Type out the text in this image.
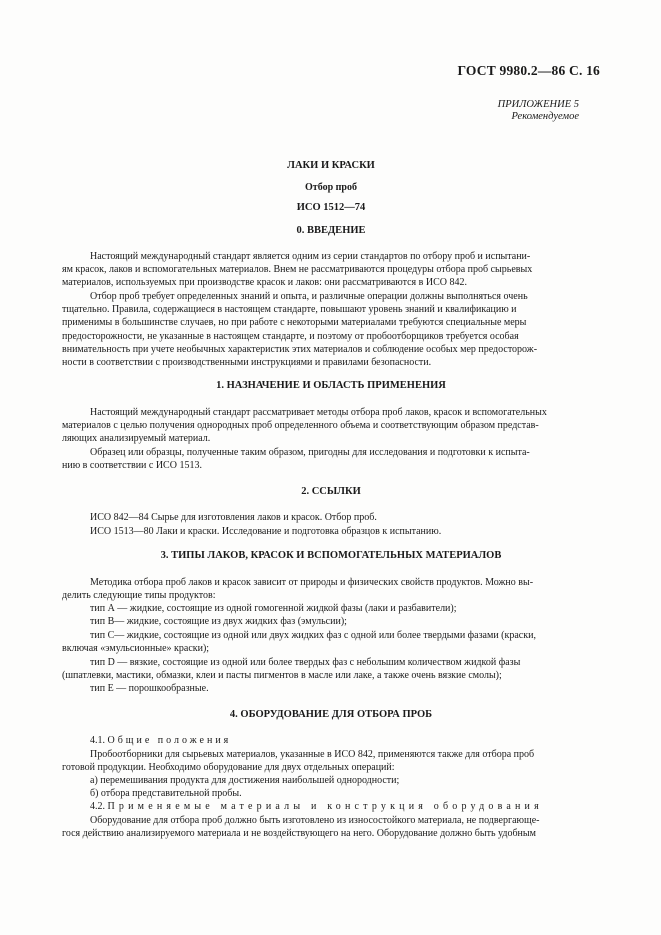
ГОСТ 9980.2—86 С. 16
ПРИЛОЖЕНИЕ 5
Рекомендуемое
ЛАКИ И КРАСКИ
Отбор проб
ИСО 1512—74
0. ВВЕДЕНИЕ
Настоящий международный стандарт является одним из серии стандартов по отбору проб и испытани-
ям красок, лаков и вспомогательных материалов. Внем не рассматриваются процедуры отбора проб сырьевых
материалов, используемых при производстве красок и лаков: они рассматриваются в ИСО 842.
Отбор проб требует определенных знаний и опыта, и различные операции должны выполняться очень
тщательно. Правила, содержащиеся в настоящем стандарте, повышают уровень знаний и квалификацию и
применимы в большинстве случаев, но при работе с некоторыми материалами требуются специальные меры
предосторожности, не указанные в настоящем стандарте, и поэтому от пробоотборщиков требуется особая
внимательность при учете необычных характеристик этих материалов и соблюдение особых мер предосторож-
ности в соответствии с производственными инструкциями и правилами безопасности.
1. НАЗНАЧЕНИЕ И ОБЛАСТЬ ПРИМЕНЕНИЯ
Настоящий международный стандарт рассматривает методы отбора проб лаков, красок и вспомогательных
материалов с целью получения однородных проб определенного объема и соответствующим образом представ-
ляющих анализируемый материал.
Образец или образцы, полученные таким образом, пригодны для исследования и подготовки к испыта-
нию в соответствии с ИСО 1513.
2. ССЫЛКИ
ИСО 842—84 Сырье для изготовления лаков и красок. Отбор проб.
ИСО 1513—80 Лаки и краски. Исследование и подготовка образцов к испытанию.
3. ТИПЫ ЛАКОВ, КРАСОК И ВСПОМОГАТЕЛЬНЫХ МАТЕРИАЛОВ
Методика отбора проб лаков и красок зависит от природы и физических свойств продуктов. Можно вы-
делить следующие типы продуктов:
тип А — жидкие, состоящие из одной гомогенной жидкой фазы (лаки и разбавители);
тип В— жидкие, состоящие из двух жидких фаз (эмульсии);
тип С— жидкие, состоящие из одной или двух жидких фаз с одной или более твердыми фазами (краски,
включая «эмульсионные» краски);
тип D — вязкие, состоящие из одной или более твердых фаз с небольшим количеством жидкой фазы
(шпатлевки, мастики, обмазки, клеи и пасты пигментов в масле или лаке, а также очень вязкие смолы);
тип Е — порошкообразные.
4. ОБОРУДОВАНИЕ ДЛЯ ОТБОРА ПРОБ
4.1. Общие положения
Пробоотборники для сырьевых материалов, указанные в ИСО 842, применяются также для отбора проб
готовой продукции. Необходимо оборудование для двух отдельных операций:
а) перемешивания продукта для достижения наибольшей однородности;
б) отбора представительной пробы.
4.2. Применяемые материалы и конструкция оборудования
Оборудование для отбора проб должно быть изготовлено из износостойкого материала, не подвергающе-
гося действию анализируемого материала и не воздействующего на него. Оборудование должно быть удобным
